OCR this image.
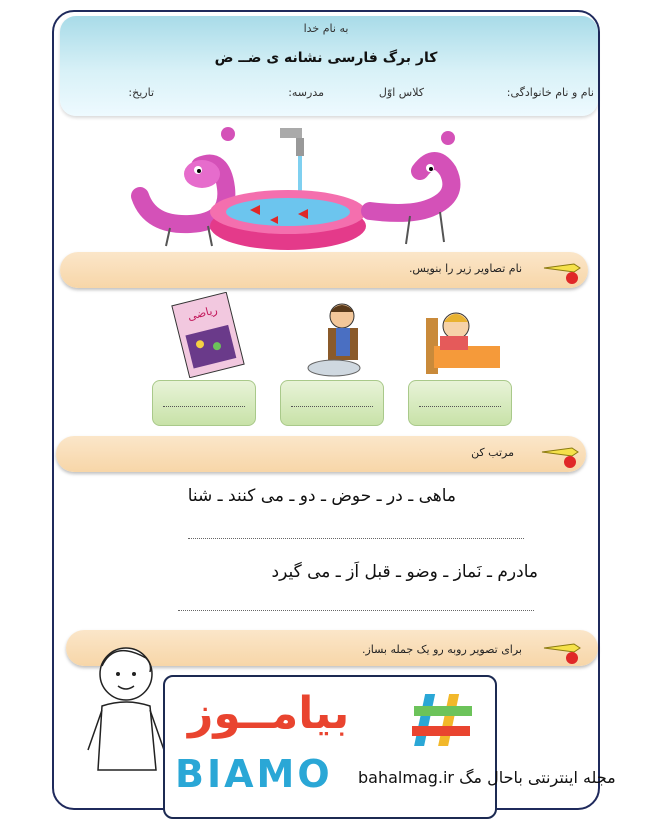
به نام خدا
کار برگ فارسی نشانه ی ضــ ض
نام و نام خانوادگی:
کلاس اوّل
مدرسه:
تاریخ:
نام تصاویر زیر را بنویس.
ریاضی
مرتب کن
ماهی ـ در ـ حوض ـ دو ـ می کنند ـ شنا
مادرم ـ نَماز ـ وضو ـ قبل اَز ـ می گیرد
برای تصویر روبه رو یک جمله بساز.
بیامــوز
BIAMO مجله اینترنتی باحال مگ bahalmag.ir
